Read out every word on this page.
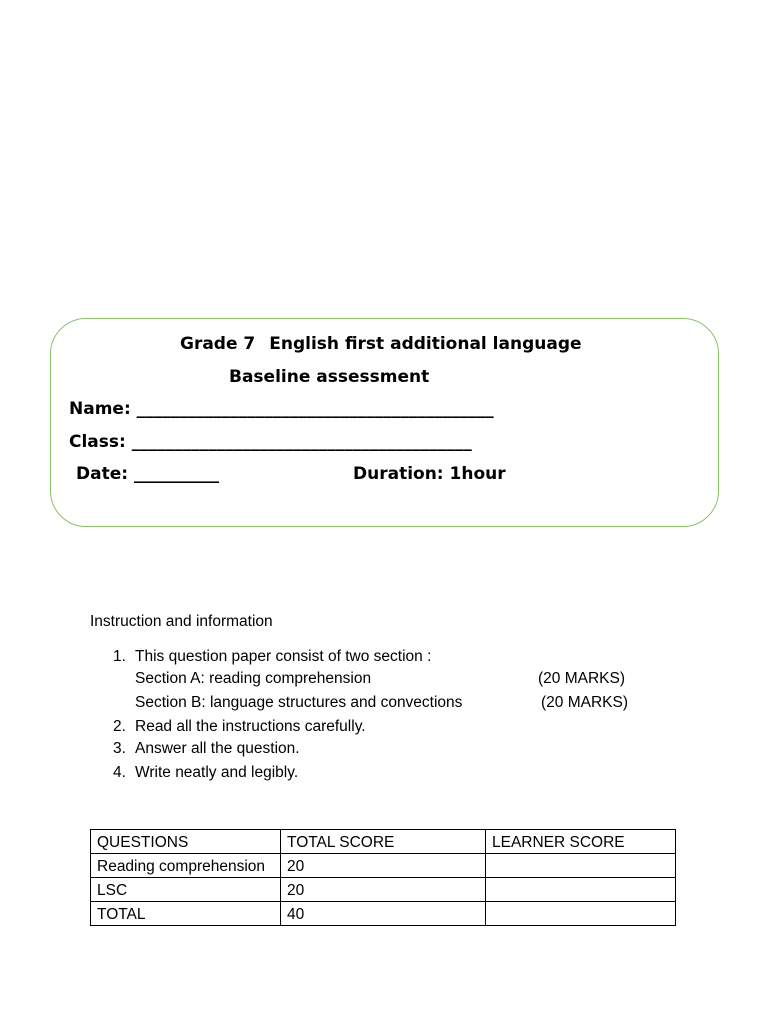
Grade 7 English first additional language
Baseline assessment
Name: __________________________________________
Class: ________________________________________
Date: __________	Duration: 1hour
Instruction and information
1. This question paper consist of two section :
Section A: reading comprehension	(20 MARKS)
Section B: language structures and convections	(20 MARKS)
2. Read all the instructions carefully.
3. Answer all the question.
4. Write neatly and legibly.
QUESTIONS	TOTAL SCORE	LEARNER SCORE
Reading comprehension	20	
LSC	20	
TOTAL	40	
